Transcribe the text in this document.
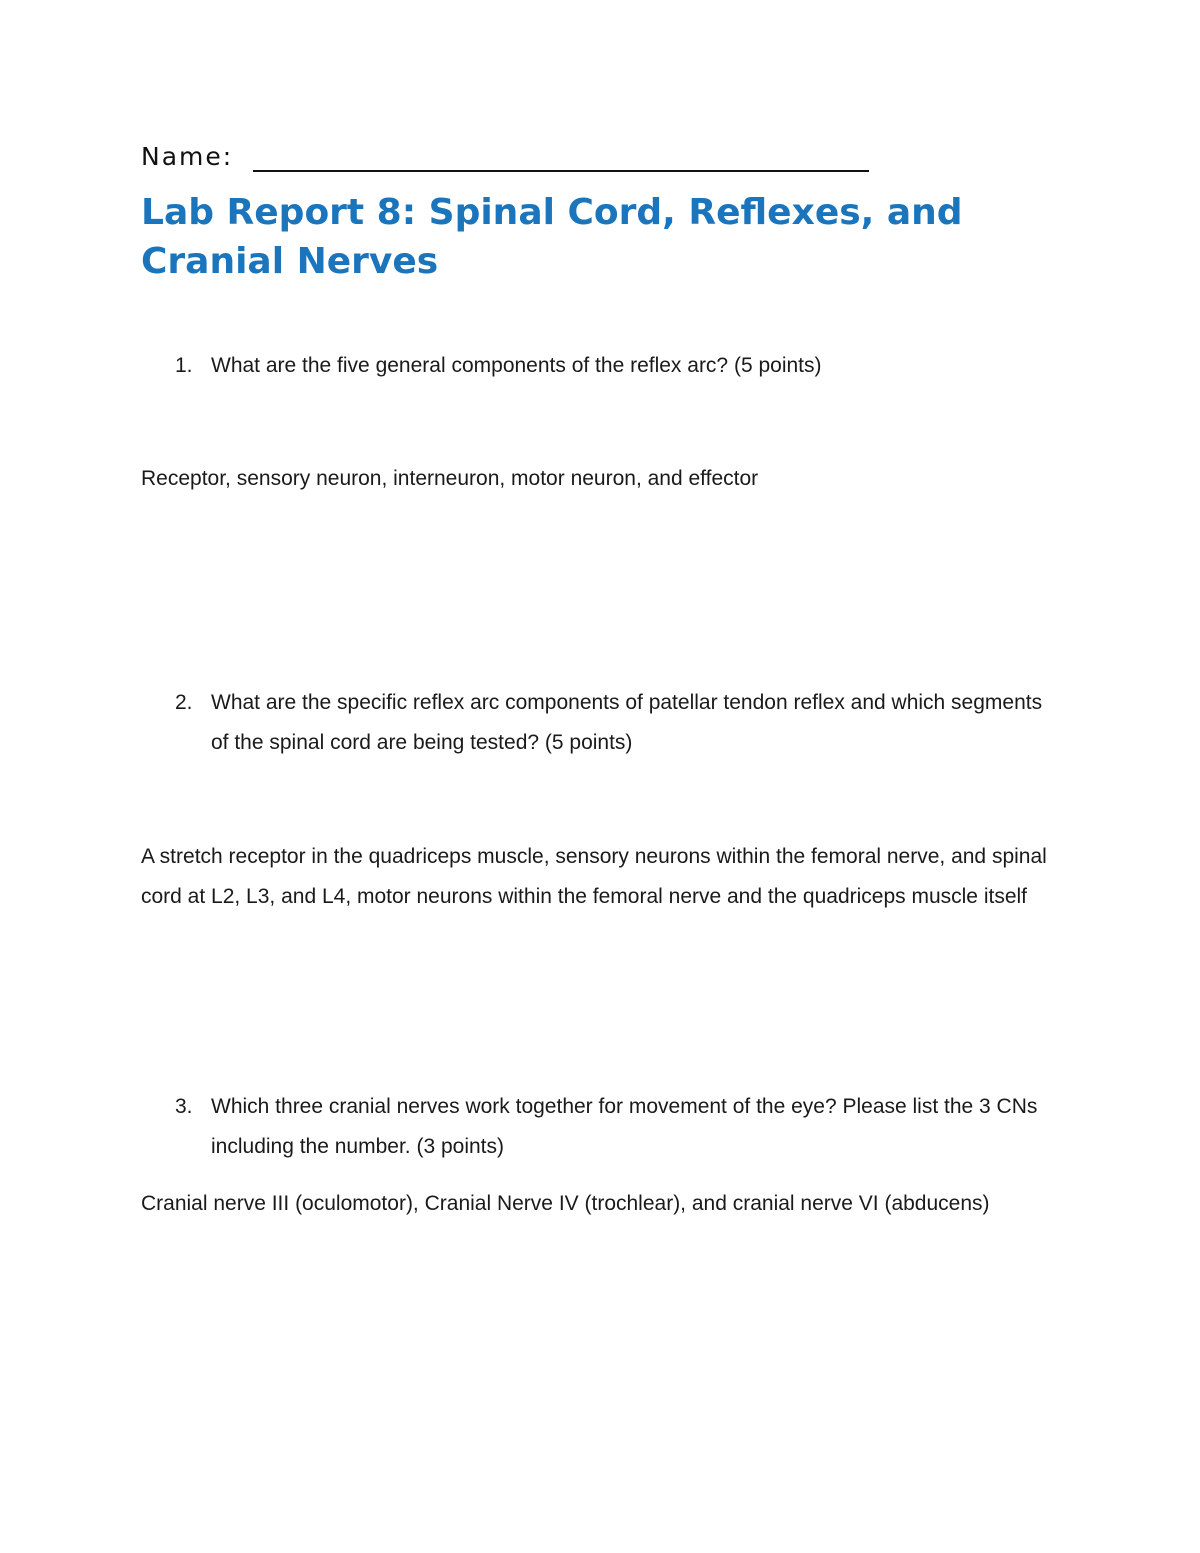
Name:
Lab Report 8: Spinal Cord, Reflexes, and Cranial Nerves
1. What are the five general components of the reflex arc? (5 points)
Receptor, sensory neuron, interneuron, motor neuron, and effector
2. What are the specific reflex arc components of patellar tendon reflex and which segments of the spinal cord are being tested? (5 points)
A stretch receptor in the quadriceps muscle, sensory neurons within the femoral nerve, and spinal cord at L2, L3, and L4, motor neurons within the femoral nerve and the quadriceps muscle itself
3. Which three cranial nerves work together for movement of the eye? Please list the 3 CNs including the number. (3 points)
Cranial nerve III (oculomotor), Cranial Nerve IV (trochlear), and cranial nerve VI (abducens)
